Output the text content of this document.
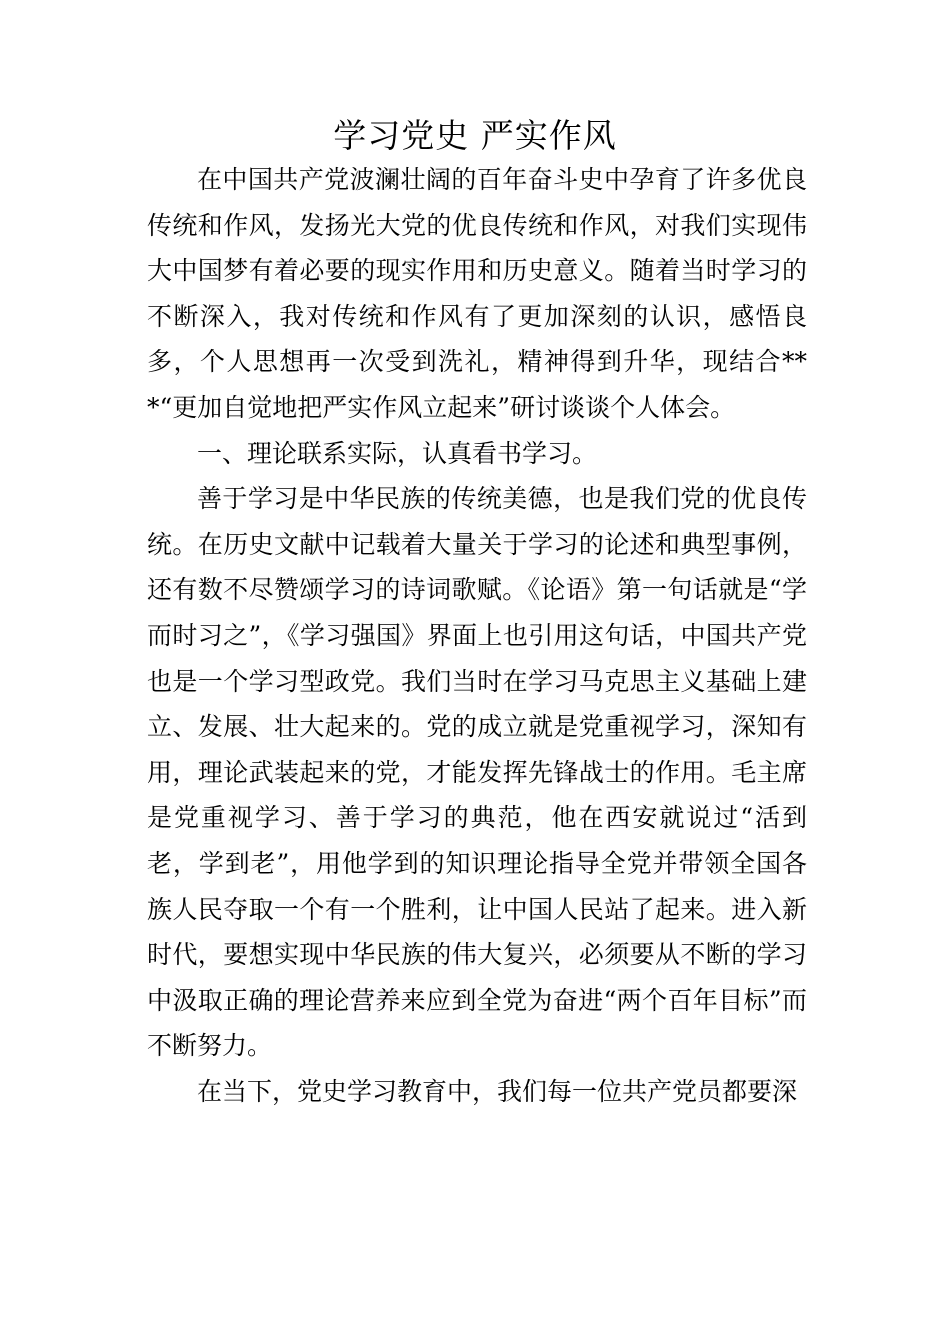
学习党史 严实作风

在中国共产党波澜壮阔的百年奋斗史中孕育了许多优良传统和作风，发扬光大党的优良传统和作风，对我们实现伟大中国梦有着必要的现实作用和历史意义。随着当时学习的不断深入，我对传统和作风有了更加深刻的认识，感悟良多，个人思想再一次受到洗礼，精神得到升华，现结合***“更加自觉地把严实作风立起来”研讨谈谈个人体会。

一、理论联系实际，认真看书学习。

善于学习是中华民族的传统美德，也是我们党的优良传统。在历史文献中记载着大量关于学习的论述和典型事例，还有数不尽赞颂学习的诗词歌赋。《论语》第一句话就是“学而时习之”，《学习强国》界面上也引用这句话，中国共产党也是一个学习型政党。我们当时在学习马克思主义基础上建立、发展、壮大起来的。党的成立就是党重视学习，深知有用，理论武装起来的党，才能发挥先锋战士的作用。毛主席是党重视学习、善于学习的典范，他在西安就说过“活到老，学到老”，用他学到的知识理论指导全党并带领全国各族人民夺取一个有一个胜利，让中国人民站了起来。进入新时代，要想实现中华民族的伟大复兴，必须要从不断的学习中汲取正确的理论营养来应到全党为奋进“两个百年目标”而不断努力。

在当下，党史学习教育中，我们每一位共产党员都要深
